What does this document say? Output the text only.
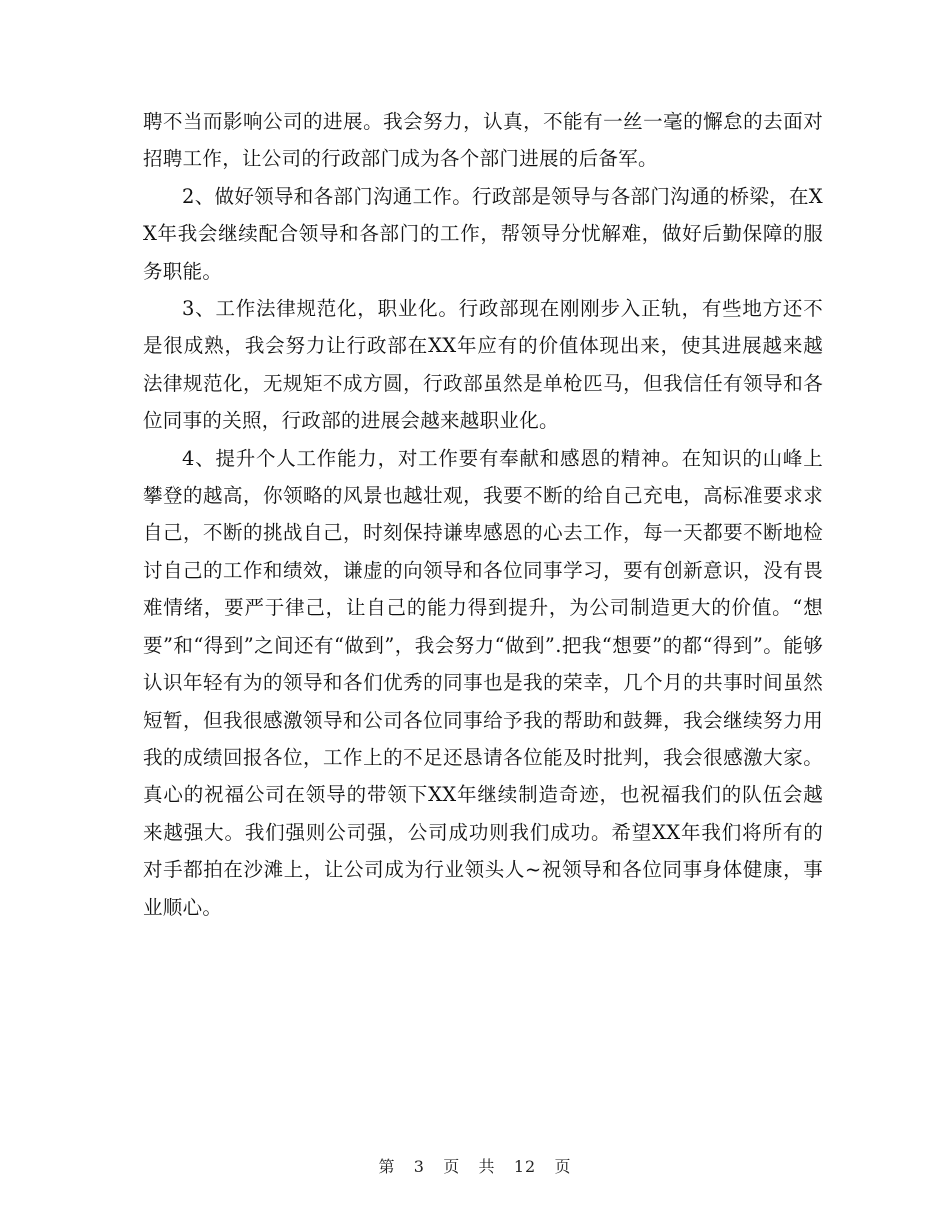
聘不当而影响公司的进展。我会努力，认真，不能有一丝一毫的懈怠的去面对招聘工作，让公司的行政部门成为各个部门进展的后备军。

2、做好领导和各部门沟通工作。行政部是领导与各部门沟通的桥梁，在XX年我会继续配合领导和各部门的工作，帮领导分忧解难，做好后勤保障的服务职能。

3、工作法律规范化，职业化。行政部现在刚刚步入正轨，有些地方还不是很成熟，我会努力让行政部在XX年应有的价值体现出来，使其进展越来越法律规范化，无规矩不成方圆，行政部虽然是单枪匹马，但我信任有领导和各位同事的关照，行政部的进展会越来越职业化。

4、提升个人工作能力，对工作要有奉献和感恩的精神。在知识的山峰上攀登的越高，你领略的风景也越壮观，我要不断的给自己充电，高标准要求求自己，不断的挑战自己，时刻保持谦卑感恩的心去工作，每一天都要不断地检讨自己的工作和绩效，谦虚的向领导和各位同事学习，要有创新意识，没有畏难情绪，要严于律己，让自己的能力得到提升，为公司制造更大的价值。“想要”和“得到”之间还有“做到”，我会努力“做到”.把我“想要”的都“得到”。能够认识年轻有为的领导和各们优秀的同事也是我的荣幸，几个月的共事时间虽然短暂，但我很感激领导和公司各位同事给予我的帮助和鼓舞，我会继续努力用我的成绩回报各位，工作上的不足还恳请各位能及时批判，我会很感激大家。真心的祝福公司在领导的带领下XX年继续制造奇迹，也祝福我们的队伍会越来越强大。我们强则公司强，公司成功则我们成功。希望XX年我们将所有的对手都拍在沙滩上，让公司成为行业领头人~祝领导和各位同事身体健康，事业顺心。

第 3 页 共 12 页
